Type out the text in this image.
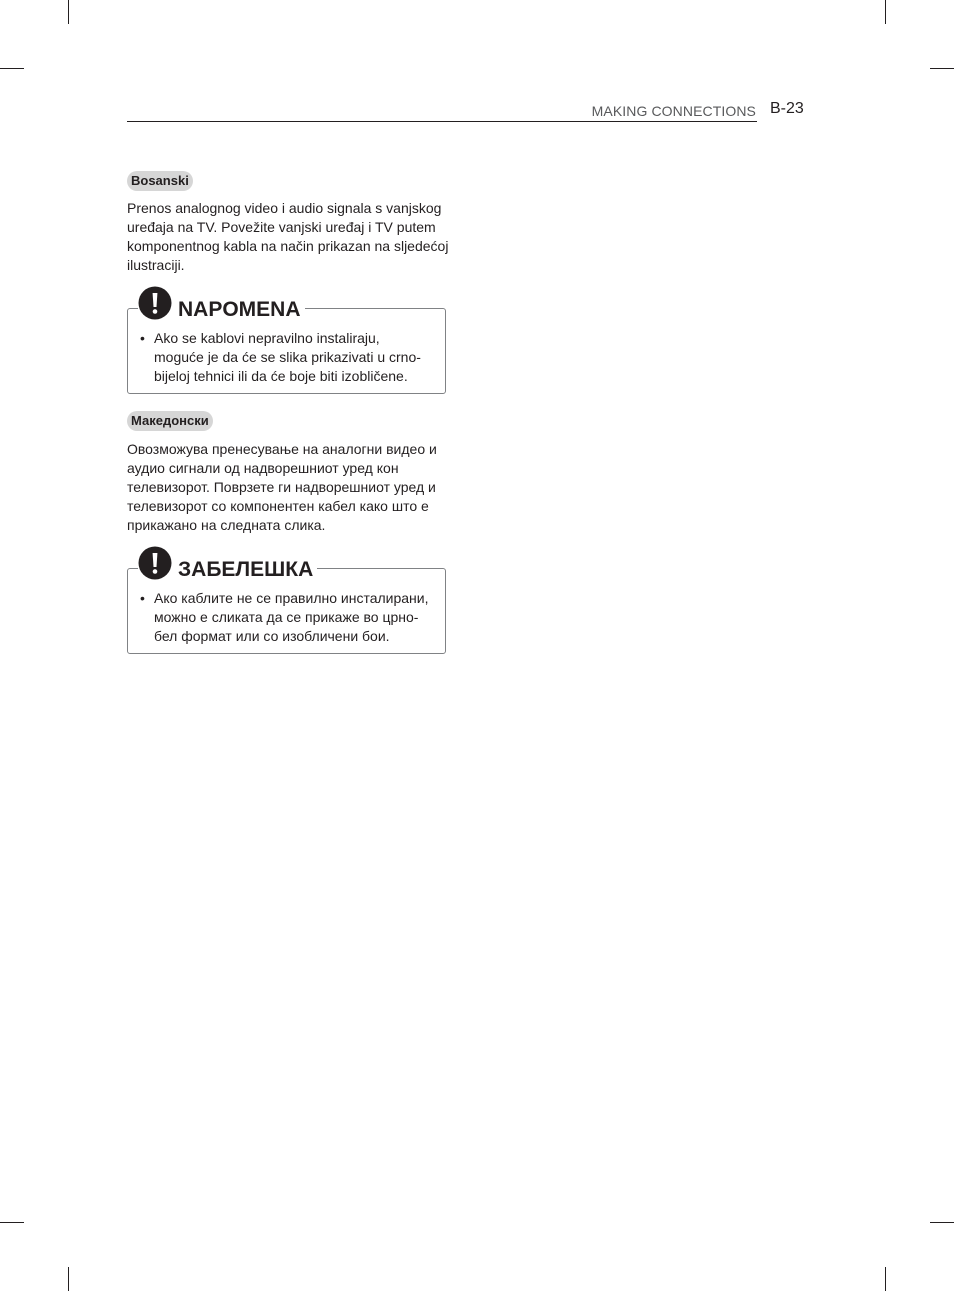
MAKING CONNECTIONS B-23
Bosanski

Prenos analognog video i audio signala s vanjskog uređaja na TV. Povežite vanjski uređaj i TV putem komponentnog kabla na način prikazan na sljedećoj ilustraciji.

NAPOMENA
• Ako se kablovi nepravilno instaliraju, moguće je da će se slika prikazivati u crno-bijeloj tehnici ili da će boje biti izobličene.
Македонски

Овозможува пренесување на аналогни видео и аудио сигнали од надворешниот уред кон телевизорот. Поврзете ги надворешниот уред и телевизорот со компонентен кабел како што е прикажано на следната слика.

ЗАБЕЛЕШКА
• Ако каблите не се правилно инсталирани, можно е сликата да се прикаже во црно-бел формат или со изобличени бои.
